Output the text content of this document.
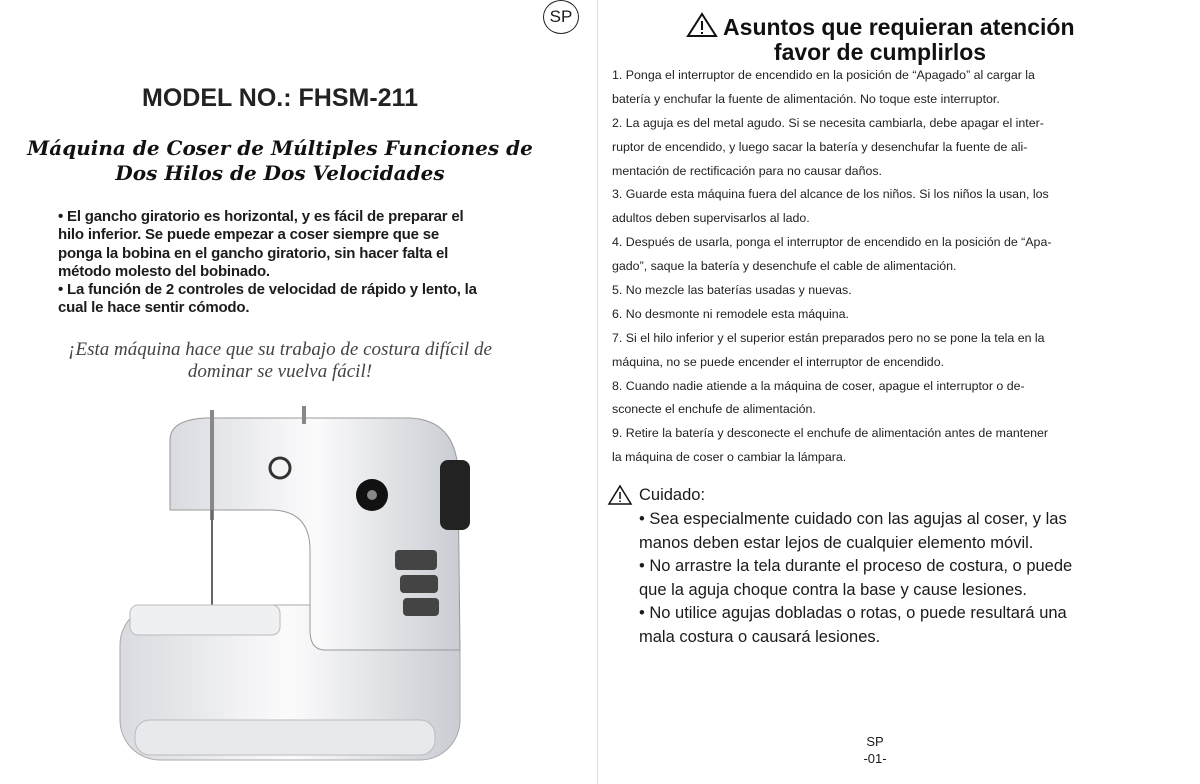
SP
MODEL NO.: FHSM-211
Máquina de Coser de Múltiples Funciones de
Dos Hilos de Dos Velocidades
• El gancho giratorio es horizontal, y es fácil de preparar el
hilo inferior. Se puede empezar a coser siempre que se
ponga la bobina en el gancho giratorio, sin hacer falta el
método molesto del bobinado.
• La función de 2 controles de velocidad de rápido y lento, la
cual le hace sentir cómodo.
¡Esta máquina hace que su trabajo de costura difícil de
dominar se vuelva fácil!
Asuntos que requieran atención
favor de cumplirlos
1. Ponga el interruptor de encendido en la posición de “Apagado” al cargar la
batería y enchufar la fuente de alimentación. No toque este interruptor.
2. La aguja es del metal agudo. Si se necesita cambiarla, debe apagar el inter-
ruptor de encendido, y luego sacar la batería y desenchufar la fuente de ali-
mentación de rectificación para no causar daños.
3. Guarde esta máquina fuera del alcance de los niños. Si los niños la usan, los
adultos deben supervisarlos al lado.
4. Después de usarla, ponga el interruptor de encendido en la posición de “Apa-
gado”, saque la batería y desenchufe el cable de alimentación.
5. No mezcle las baterías usadas y nuevas.
6. No desmonte ni remodele esta máquina.
7. Si el hilo inferior y el superior están preparados pero no se pone la tela en la
máquina, no se puede encender el interruptor de encendido.
8. Cuando nadie atiende a la máquina de coser, apague el interruptor o de-
sconecte el enchufe de alimentación.
9. Retire la batería y desconecte el enchufe de alimentación antes de mantener
la máquina de coser o cambiar la lámpara.
Cuidado:
• Sea especialmente cuidado con las agujas al coser, y las
manos deben estar lejos de cualquier elemento móvil.
• No arrastre la tela durante el proceso de costura, o puede
que la aguja choque contra la base y cause lesiones.
• No utilice agujas dobladas o rotas, o puede resultará una
mala costura o causará lesiones.
SP
-01-
